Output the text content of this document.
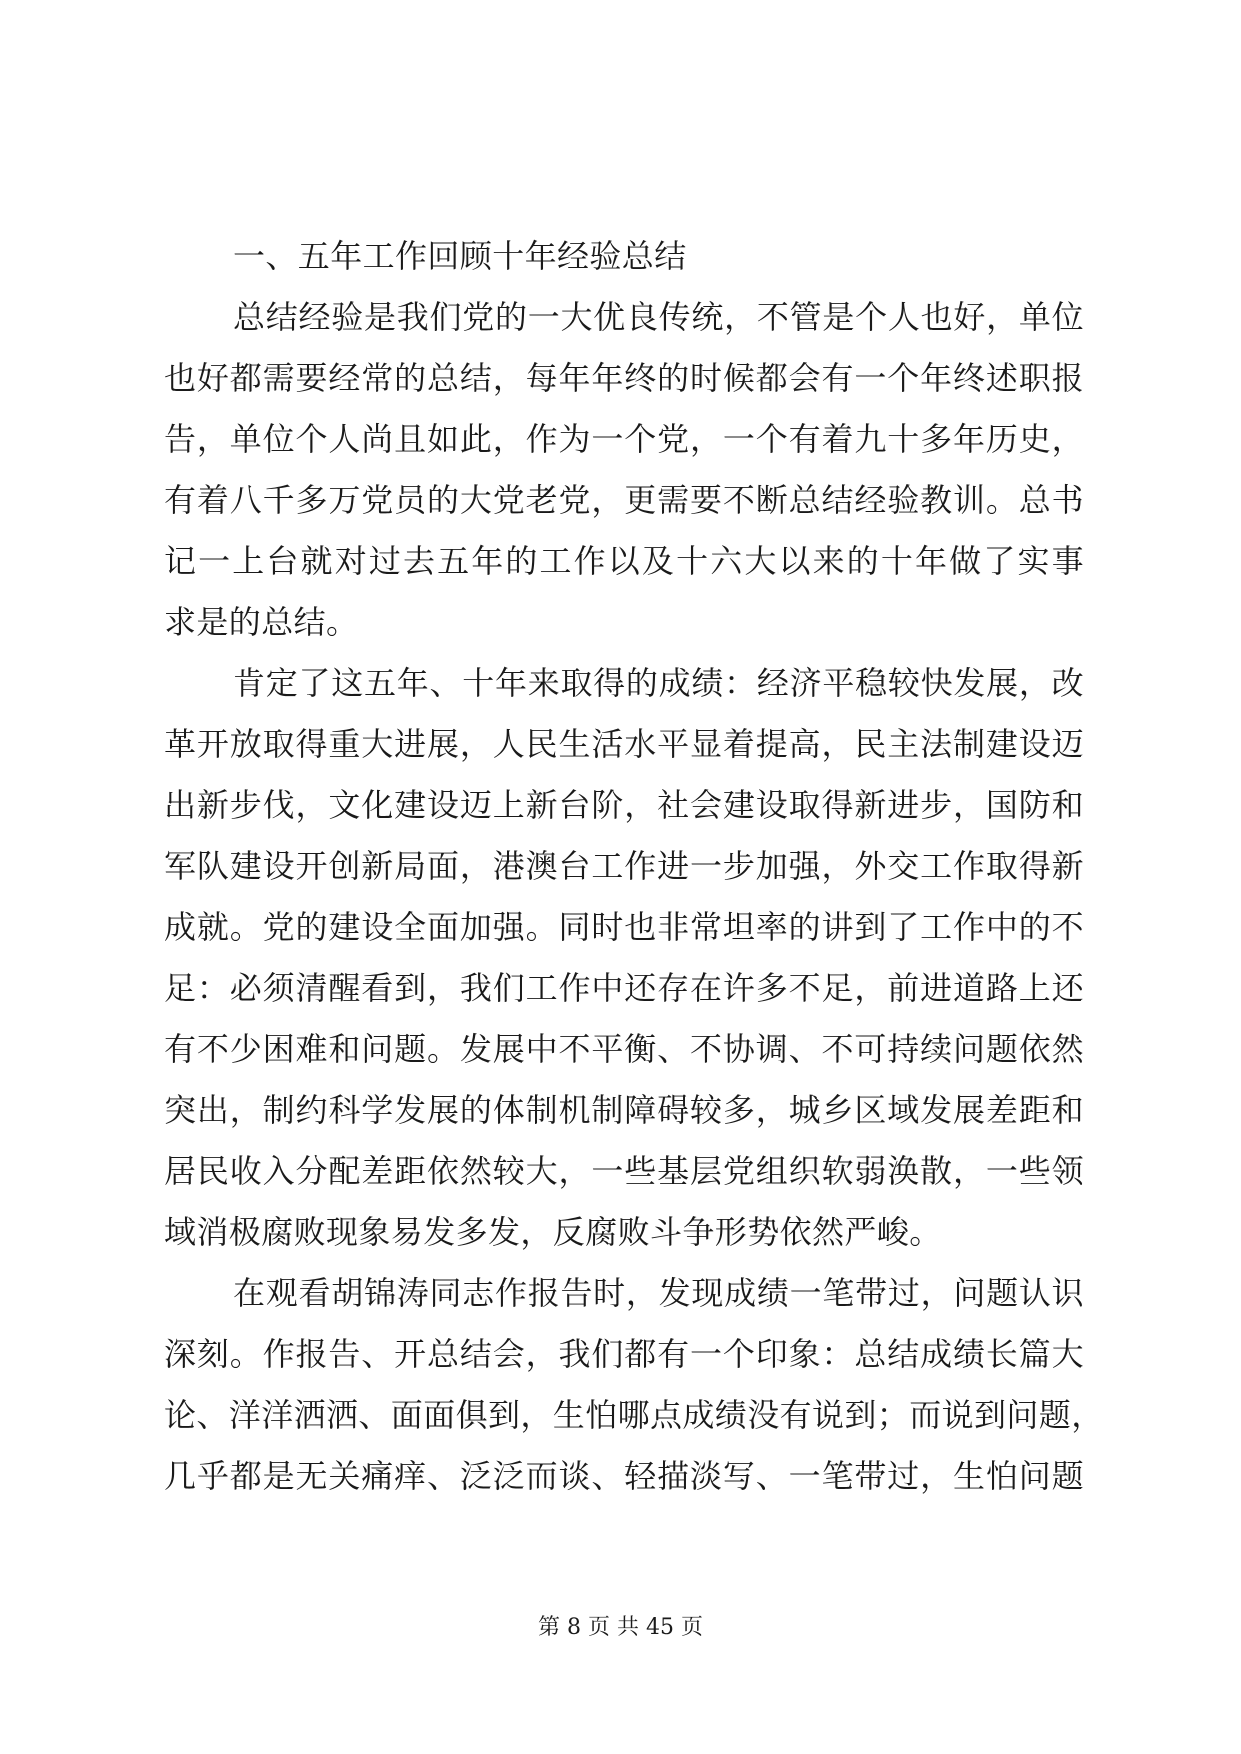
一、五年工作回顾十年经验总结
总结经验是我们党的一大优良传统，不管是个人也好，单位
也好都需要经常的总结，每年年终的时候都会有一个年终述职报
告，单位个人尚且如此，作为一个党，一个有着九十多年历史，
有着八千多万党员的大党老党，更需要不断总结经验教训。总书
记一上台就对过去五年的工作以及十六大以来的十年做了实事
求是的总结。
肯定了这五年、十年来取得的成绩：经济平稳较快发展，改
革开放取得重大进展，人民生活水平显着提高，民主法制建设迈
出新步伐，文化建设迈上新台阶，社会建设取得新进步，国防和
军队建设开创新局面，港澳台工作进一步加强，外交工作取得新
成就。党的建设全面加强。同时也非常坦率的讲到了工作中的不
足：必须清醒看到，我们工作中还存在许多不足，前进道路上还
有不少困难和问题。发展中不平衡、不协调、不可持续问题依然
突出，制约科学发展的体制机制障碍较多，城乡区域发展差距和
居民收入分配差距依然较大，一些基层党组织软弱涣散，一些领
域消极腐败现象易发多发，反腐败斗争形势依然严峻。
在观看胡锦涛同志作报告时，发现成绩一笔带过，问题认识
深刻。作报告、开总结会，我们都有一个印象：总结成绩长篇大
论、洋洋洒洒、面面俱到，生怕哪点成绩没有说到；而说到问题，
几乎都是无关痛痒、泛泛而谈、轻描淡写、一笔带过，生怕问题
第 8 页 共 45 页
